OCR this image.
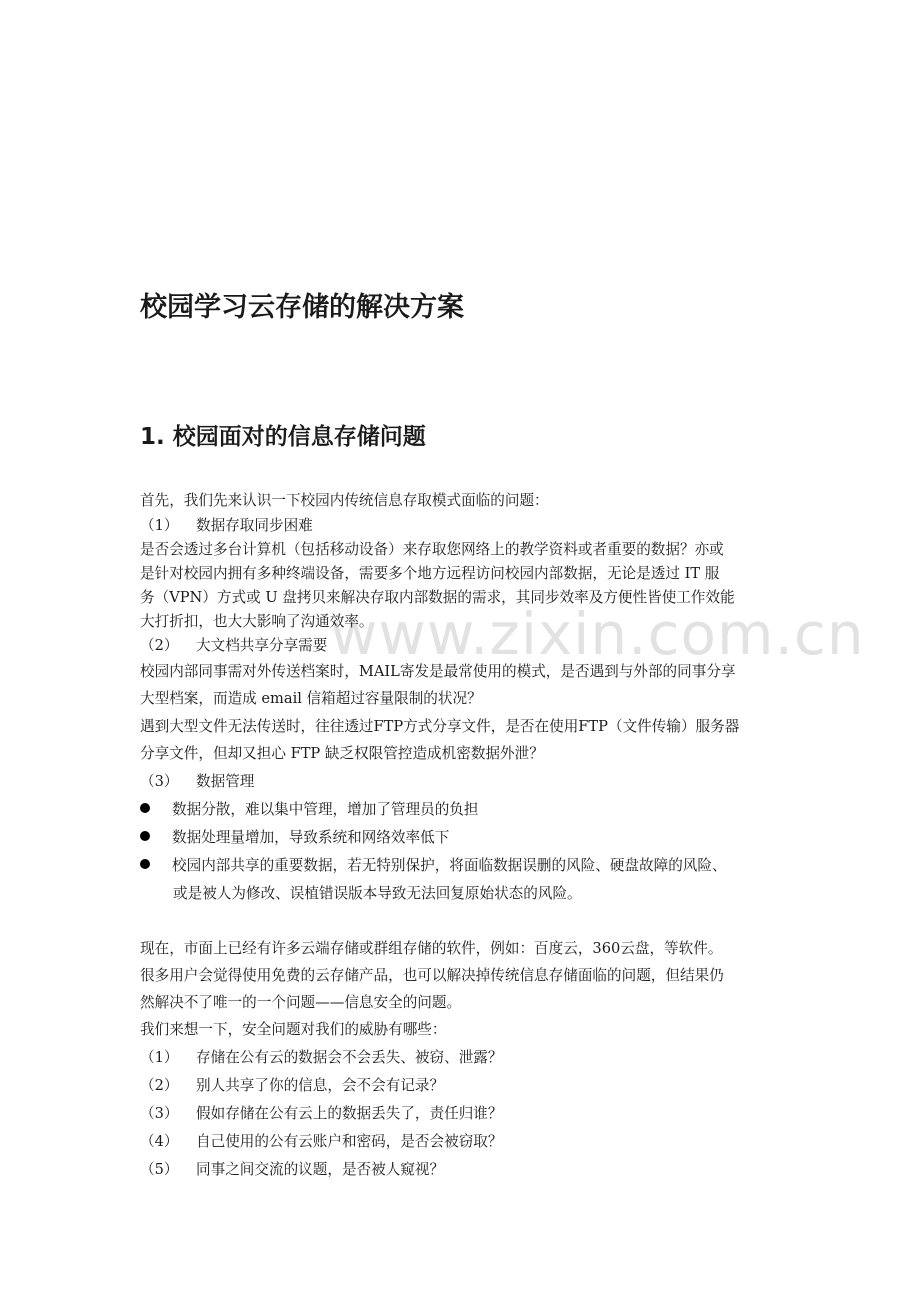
www.zixin.com.cn
校园学习云存储的解决方案
1. 校园面对的信息存储问题
首先，我们先来认识一下校园内传统信息存取模式面临的问题：
（1） 数据存取同步困难
是否会透过多台计算机（包括移动设备）来存取您网络上的教学资料或者重要的数据？亦或
是针对校园内拥有多种终端设备，需要多个地方远程访问校园内部数据，无论是透过 IT 服
务（VPN）方式或 U 盘拷贝来解决存取内部数据的需求，其同步效率及方便性皆使工作效能
大打折扣，也大大影响了沟通效率。
（2） 大文档共享分享需要
校园内部同事需对外传送档案时，MAIL寄发是最常使用的模式，是否遇到与外部的同事分享
大型档案，而造成 email 信箱超过容量限制的状况？
遇到大型文件无法传送时，往往透过FTP方式分享文件，是否在使用FTP（文件传输）服务器
分享文件，但却又担心 FTP 缺乏权限管控造成机密数据外泄？
（3） 数据管理
数据分散，难以集中管理，增加了管理员的负担
数据处理量增加，导致系统和网络效率低下
校园内部共享的重要数据，若无特别保护，将面临数据误删的风险、硬盘故障的风险、
或是被人为修改、误植错误版本导致无法回复原始状态的风险。
现在，市面上已经有许多云端存储或群组存储的软件，例如：百度云，360云盘，等软件。
很多用户会觉得使用免费的云存储产品，也可以解决掉传统信息存储面临的问题，但结果仍
然解决不了唯一的一个问题——信息安全的问题。
我们来想一下，安全问题对我们的威胁有哪些：
（1） 存储在公有云的数据会不会丢失、被窃、泄露？
（2） 别人共享了你的信息，会不会有记录？
（3） 假如存储在公有云上的数据丢失了，责任归谁？
（4） 自己使用的公有云账户和密码，是否会被窃取？
（5） 同事之间交流的议题，是否被人窥视？
